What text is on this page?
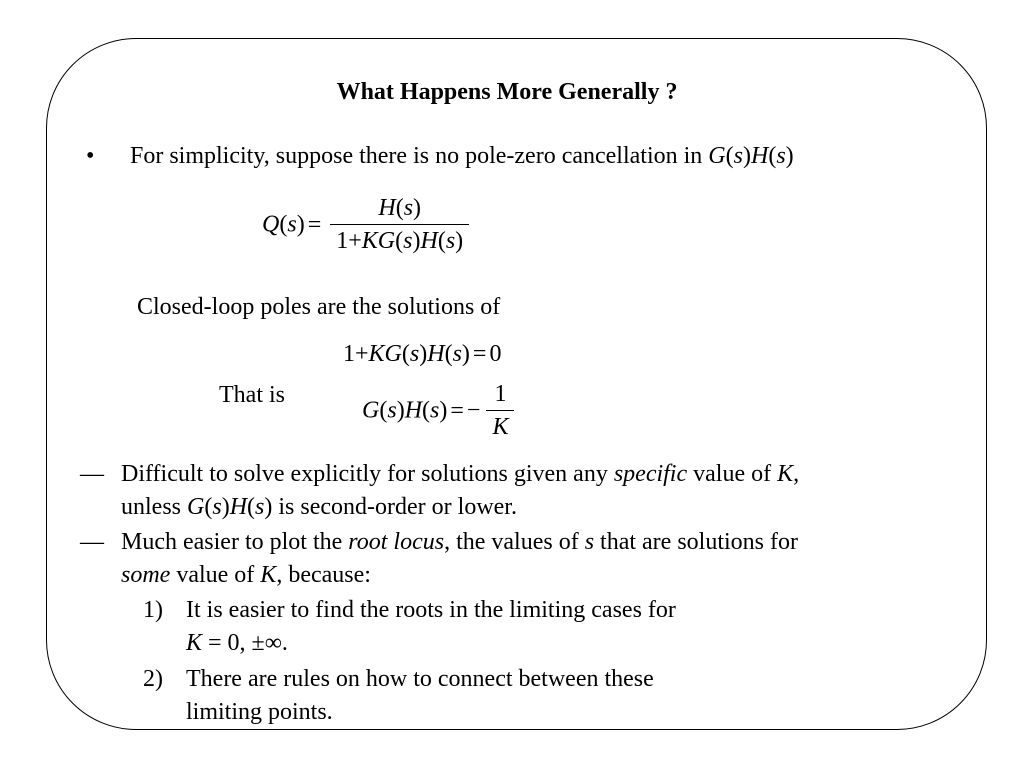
What Happens More Generally ?
• For simplicity, suppose there is no pole-zero cancellation in G(s)H(s)
$Q(s) = \frac{H(s)}{1+KG(s)H(s)}$
Closed-loop poles are the solutions of
1+KG(s)H(s) = 0
That is
G(s)H(s) = − $\frac{1}{K}$
— Difficult to solve explicitly for solutions given any specific value of K,
unless G(s)H(s) is second-order or lower.
— Much easier to plot the root locus, the values of s that are solutions for
some value of K, because:
1) It is easier to find the roots in the limiting cases for
K = 0, ±∞.
2) There are rules on how to connect between these
limiting points.
